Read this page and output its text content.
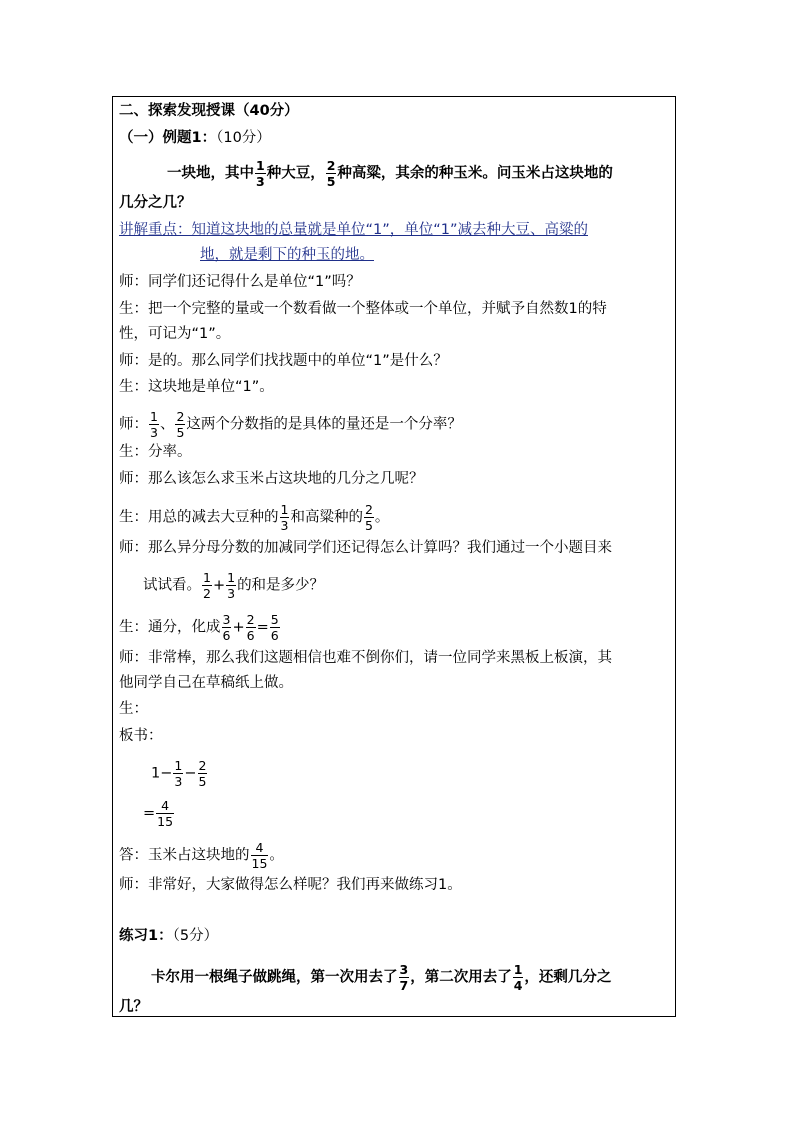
二、探索发现授课（40分）
（一）例题1：（10分）
一块地，其中 $\frac{1}{3}$ 种大豆， $\frac{2}{5}$ 种高粱，其余的种玉米。问玉米占这块地的
几分之几？
讲解重点：知道这块地的总量就是单位“1”，单位“1”减去种大豆、高粱的
地，就是剩下的种玉的地。
师：同学们还记得什么是单位“1”吗？
生：把一个完整的量或一个数看做一个整体或一个单位，并赋予自然数1的特
性，可记为“1”。
师：是的。那么同学们找找题中的单位“1”是什么？
生：这块地是单位“1”。
师： $\frac{1}{3}$ 、 $\frac{2}{5}$ 这两个分数指的是具体的量还是一个分率？
生：分率。
师：那么该怎么求玉米占这块地的几分之几呢？
生：用总的减去大豆种的 $\frac{1}{3}$ 和高粱种的 $\frac{2}{5}$ 。
师：那么异分母分数的加减同学们还记得怎么计算吗？我们通过一个小题目来
试试看。 $\frac{1}{2} + \frac{1}{3}$ 的和是多少？
生：通分，化成 $\frac{3}{6} + \frac{2}{6} = \frac{5}{6}$
师：非常棒，那么我们这题相信也难不倒你们，请一位同学来黑板上板演，其
他同学自己在草稿纸上做。
生：
板书：
$1- \frac{1}{3} - \frac{2}{5}$
= $\frac{4}{15}$
答：玉米占这块地的 $\frac{4}{15}$ 。
师：非常好，大家做得怎么样呢？我们再来做练习1。
练习1：（5分）
卡尔用一根绳子做跳绳，第一次用去了 $\frac{3}{7}$ ，第二次用去了 $\frac{1}{4}$ ，还剩几分之
几？
